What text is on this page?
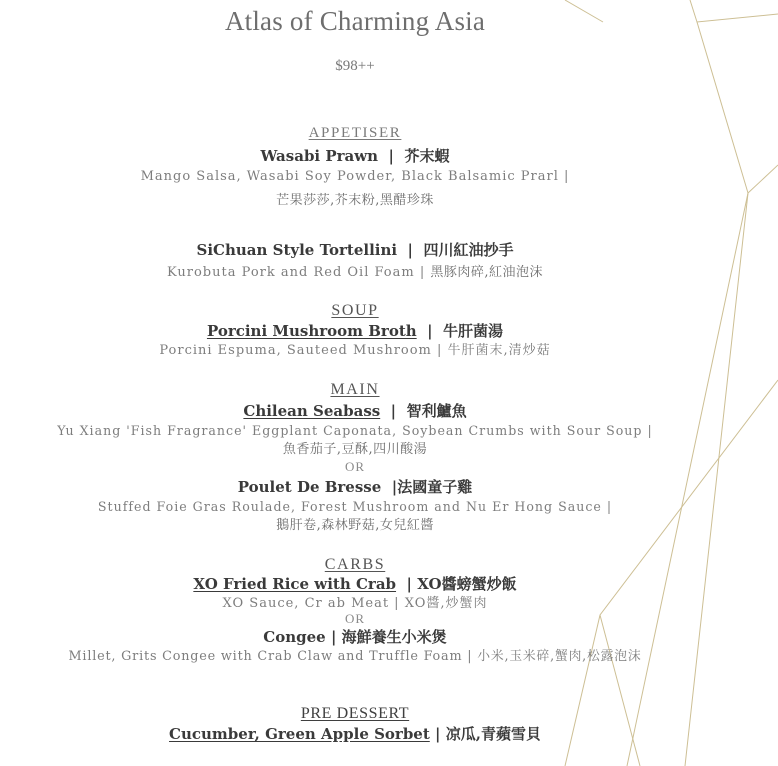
Atlas of Charming Asia
$98++
APPETISER
Wasabi Prawn | 芥末蝦
Mango Salsa, Wasabi Soy Powder, Black Balsamic Prarl |
芒果莎莎,芥末粉,黑醋珍珠
SiChuan Style Tortellini | 四川紅油抄手
Kurobuta Pork and Red Oil Foam | 黑豚肉碎,紅油泡沫
SOUP
Porcini Mushroom Broth | 牛肝菌湯
Porcini Espuma, Sauteed Mushroom | 牛肝菌末,清炒菇
MAIN
Chilean Seabass | 智利鱸魚
Yu Xiang 'Fish Fragrance' Eggplant Caponata, Soybean Crumbs with Sour Soup |
魚香茄子,豆酥,四川酸湯
OR
Poulet De Bresse |法國童子雞
Stuffed Foie Gras Roulade, Forest Mushroom and Nu Er Hong Sauce |
鵝肝卷,森林野菇,女兒紅醬
CARBS
XO Fried Rice with Crab | XO醬螃蟹炒飯
XO Sauce, Cr ab Meat | XO醬,炒蟹肉
OR
Congee | 海鮮養生小米煲
Millet, Grits Congee with Crab Claw and Truffle Foam | 小米,玉米碎,蟹肉,松露泡沫
PRE DESSERT
Cucumber, Green Apple Sorbet | 凉瓜,青蘋雪貝
